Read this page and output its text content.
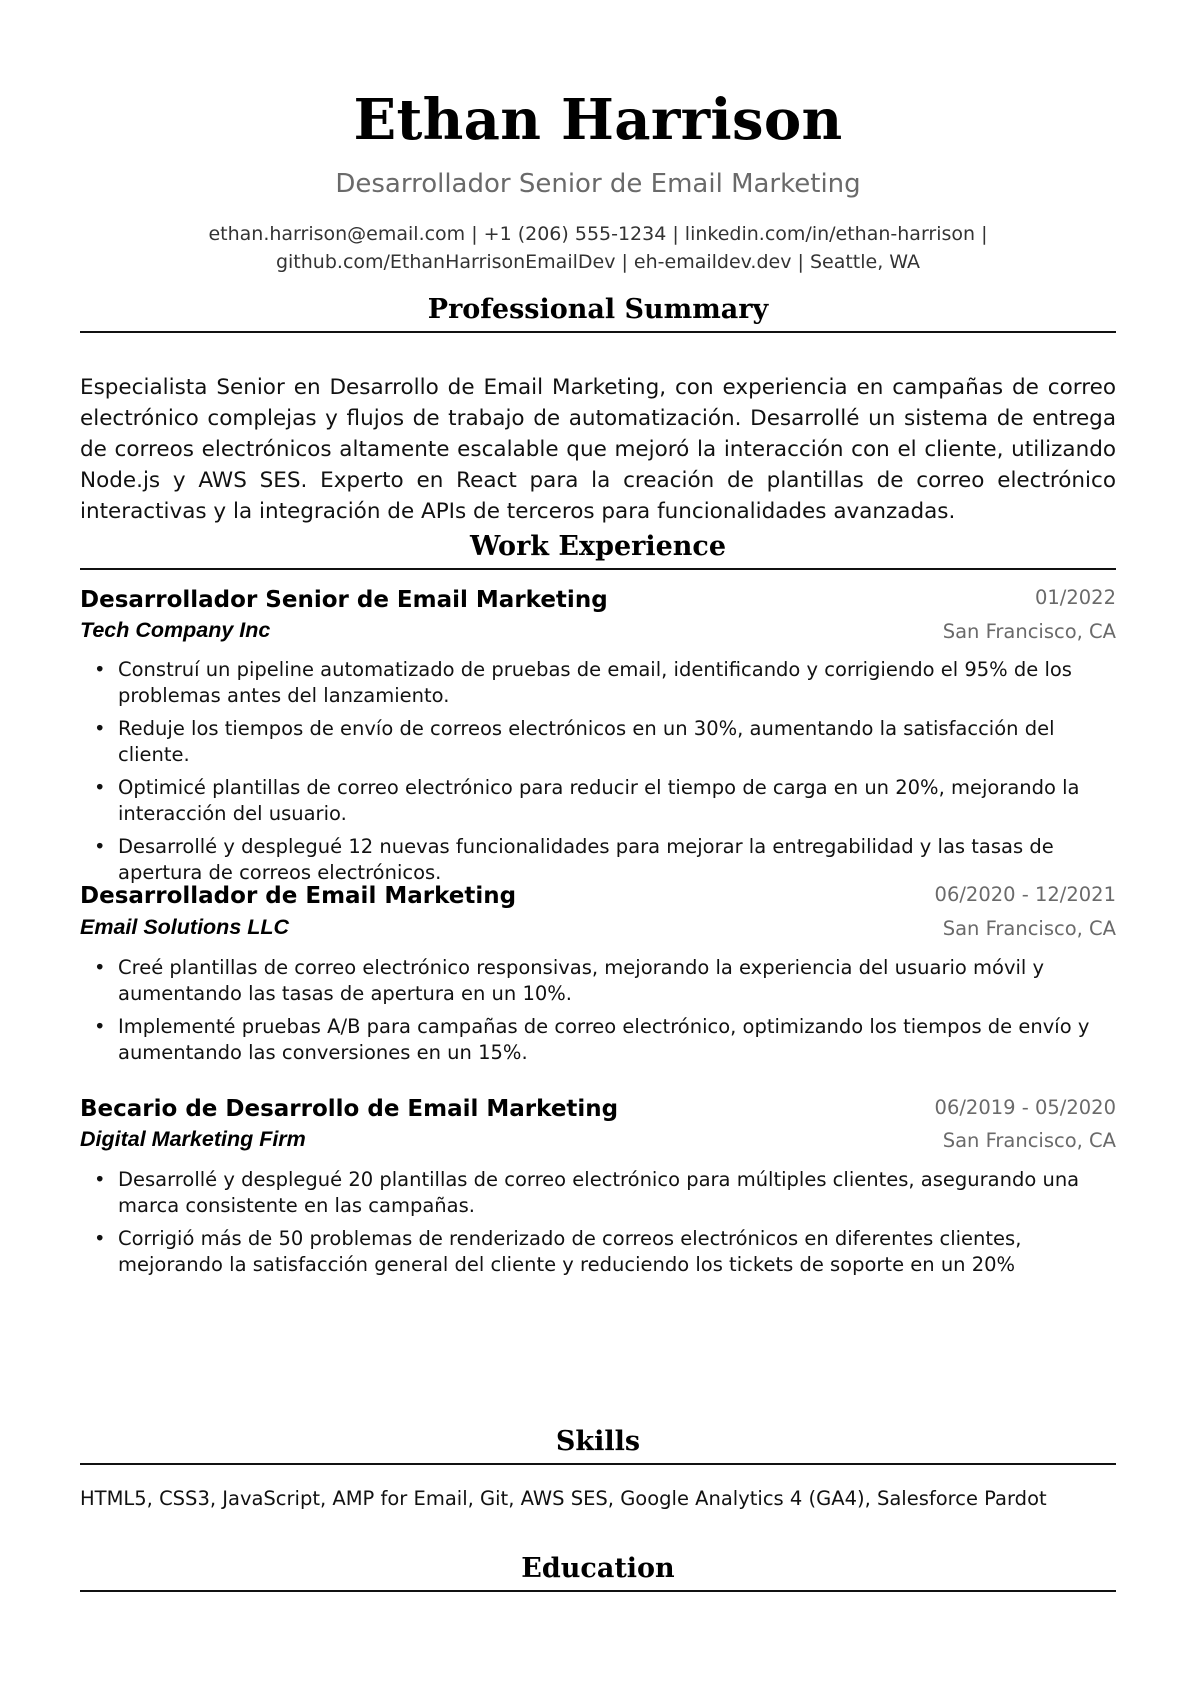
Ethan Harrison
Desarrollador Senior de Email Marketing
ethan.harrison@email.com | +1 (206) 555-1234 | linkedin.com/in/ethan-harrison |
github.com/EthanHarrisonEmailDev | eh-emaildev.dev | Seattle, WA
Professional Summary
Especialista Senior en Desarrollo de Email Marketing, con experiencia en campañas de correo electrónico complejas y flujos de trabajo de automatización. Desarrollé un sistema de entrega de correos electrónicos altamente escalable que mejoró la interacción con el cliente, utilizando Node.js y AWS SES. Experto en React para la creación de plantillas de correo electrónico interactivas y la integración de APIs de terceros para funcionalidades avanzadas.
Work Experience
Desarrollador Senior de Email Marketing	01/2022
Tech Company Inc	San Francisco, CA
• Construí un pipeline automatizado de pruebas de email, identificando y corrigiendo el 95% de los problemas antes del lanzamiento.
• Reduje los tiempos de envío de correos electrónicos en un 30%, aumentando la satisfacción del cliente.
• Optimicé plantillas de correo electrónico para reducir el tiempo de carga en un 20%, mejorando la interacción del usuario.
• Desarrollé y desplegué 12 nuevas funcionalidades para mejorar la entregabilidad y las tasas de apertura de correos electrónicos.
Desarrollador de Email Marketing	06/2020 - 12/2021
Email Solutions LLC	San Francisco, CA
• Creé plantillas de correo electrónico responsivas, mejorando la experiencia del usuario móvil y aumentando las tasas de apertura en un 10%.
• Implementé pruebas A/B para campañas de correo electrónico, optimizando los tiempos de envío y aumentando las conversiones en un 15%.
Becario de Desarrollo de Email Marketing	06/2019 - 05/2020
Digital Marketing Firm	San Francisco, CA
• Desarrollé y desplegué 20 plantillas de correo electrónico para múltiples clientes, asegurando una marca consistente en las campañas.
• Corrigió más de 50 problemas de renderizado de correos electrónicos en diferentes clientes, mejorando la satisfacción general del cliente y reduciendo los tickets de soporte en un 20%
Skills
HTML5, CSS3, JavaScript, AMP for Email, Git, AWS SES, Google Analytics 4 (GA4), Salesforce Pardot
Education
